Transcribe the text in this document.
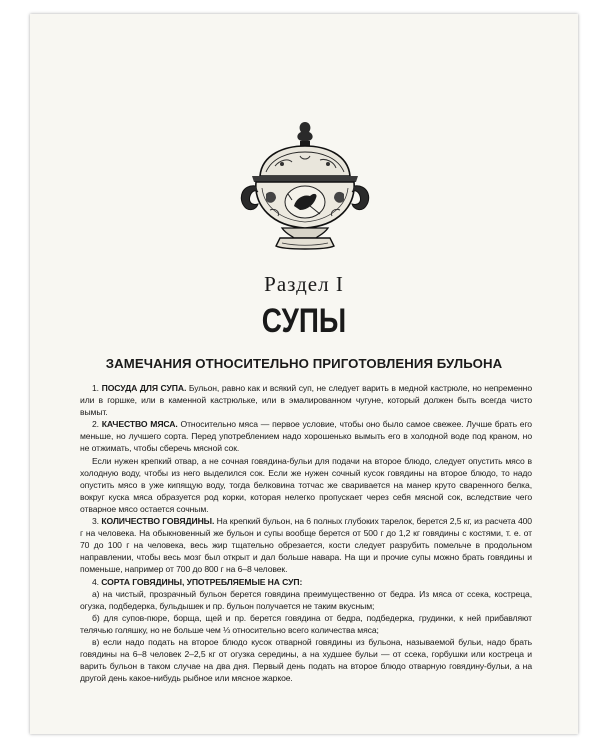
Раздел I
СУПЫ
ЗАМЕЧАНИЯ ОТНОСИТЕЛЬНО ПРИГОТОВЛЕНИЯ БУЛЬОНА

1. ПОСУДА ДЛЯ СУПА. Бульон, равно как и всякий суп, не следует варить в медной кастрюле, но непременно или в горшке, или в каменной кастрюльке, или в эмалированном чугуне, который должен быть всегда чисто вымыт.

2. КАЧЕСТВО МЯСА. Относительно мяса — первое условие, чтобы оно было самое свежее. Лучше брать его меньше, но лучшего сорта. Перед употреблением надо хорошенько вымыть его в холодной воде под краном, но не отжимать, чтобы сберечь мясной сок.

Если нужен крепкий отвар, а не сочная говядина-бульи для подачи на второе блюдо, следует опустить мясо в холодную воду, чтобы из него выделился сок. Если же нужен сочный кусок говядины на второе блюдо, то надо опустить мясо в уже кипящую воду, тогда белковина тотчас же сваривается на манер круто сваренного белка, вокруг куска мяса образуется род корки, которая нелегко пропускает через себя мясной сок, вследствие чего отварное мясо остается сочным.

3. КОЛИЧЕСТВО ГОВЯДИНЫ. На крепкий бульон, на 6 полных глубоких тарелок, берется 2,5 кг, из расчета 400 г на человека. На обыкновенный же бульон и супы вообще берется от 500 г до 1,2 кг говядины с костями, т. е. от 70 до 100 г на человека, весь жир тщательно обрезается, кости следует разрубить помельче в продольном направлении, чтобы весь мозг был открыт и дал больше навара. На щи и прочие супы можно брать говядины и поменьше, например от 700 до 800 г на 6–8 человек.

4. СОРТА ГОВЯДИНЫ, УПОТРЕБЛЯЕМЫЕ НА СУП:

а) на чистый, прозрачный бульон берется говядина преимущественно от бедра. Из мяса от ссека, костреца, огузка, подбедерка, бульдышек и пр. бульон получается не таким вкусным;

б) для супов-пюре, борща, щей и пр. берется говядина от бедра, подбедерка, грудинки, к ней прибавляют телячью голяшку, но не больше чем ⅓ относительно всего количества мяса;

в) если надо подать на второе блюдо кусок отварной говядины из бульона, называемой бульи, надо брать говядины на 6–8 человек 2–2,5 кг от огузка середины, а на худшее бульи — от ссека, горбушки или костреца и варить бульон в таком случае на два дня. Первый день подать на второе блюдо отварную говядину-бульи, а на другой день какое-нибудь рыбное или мясное жаркое.
